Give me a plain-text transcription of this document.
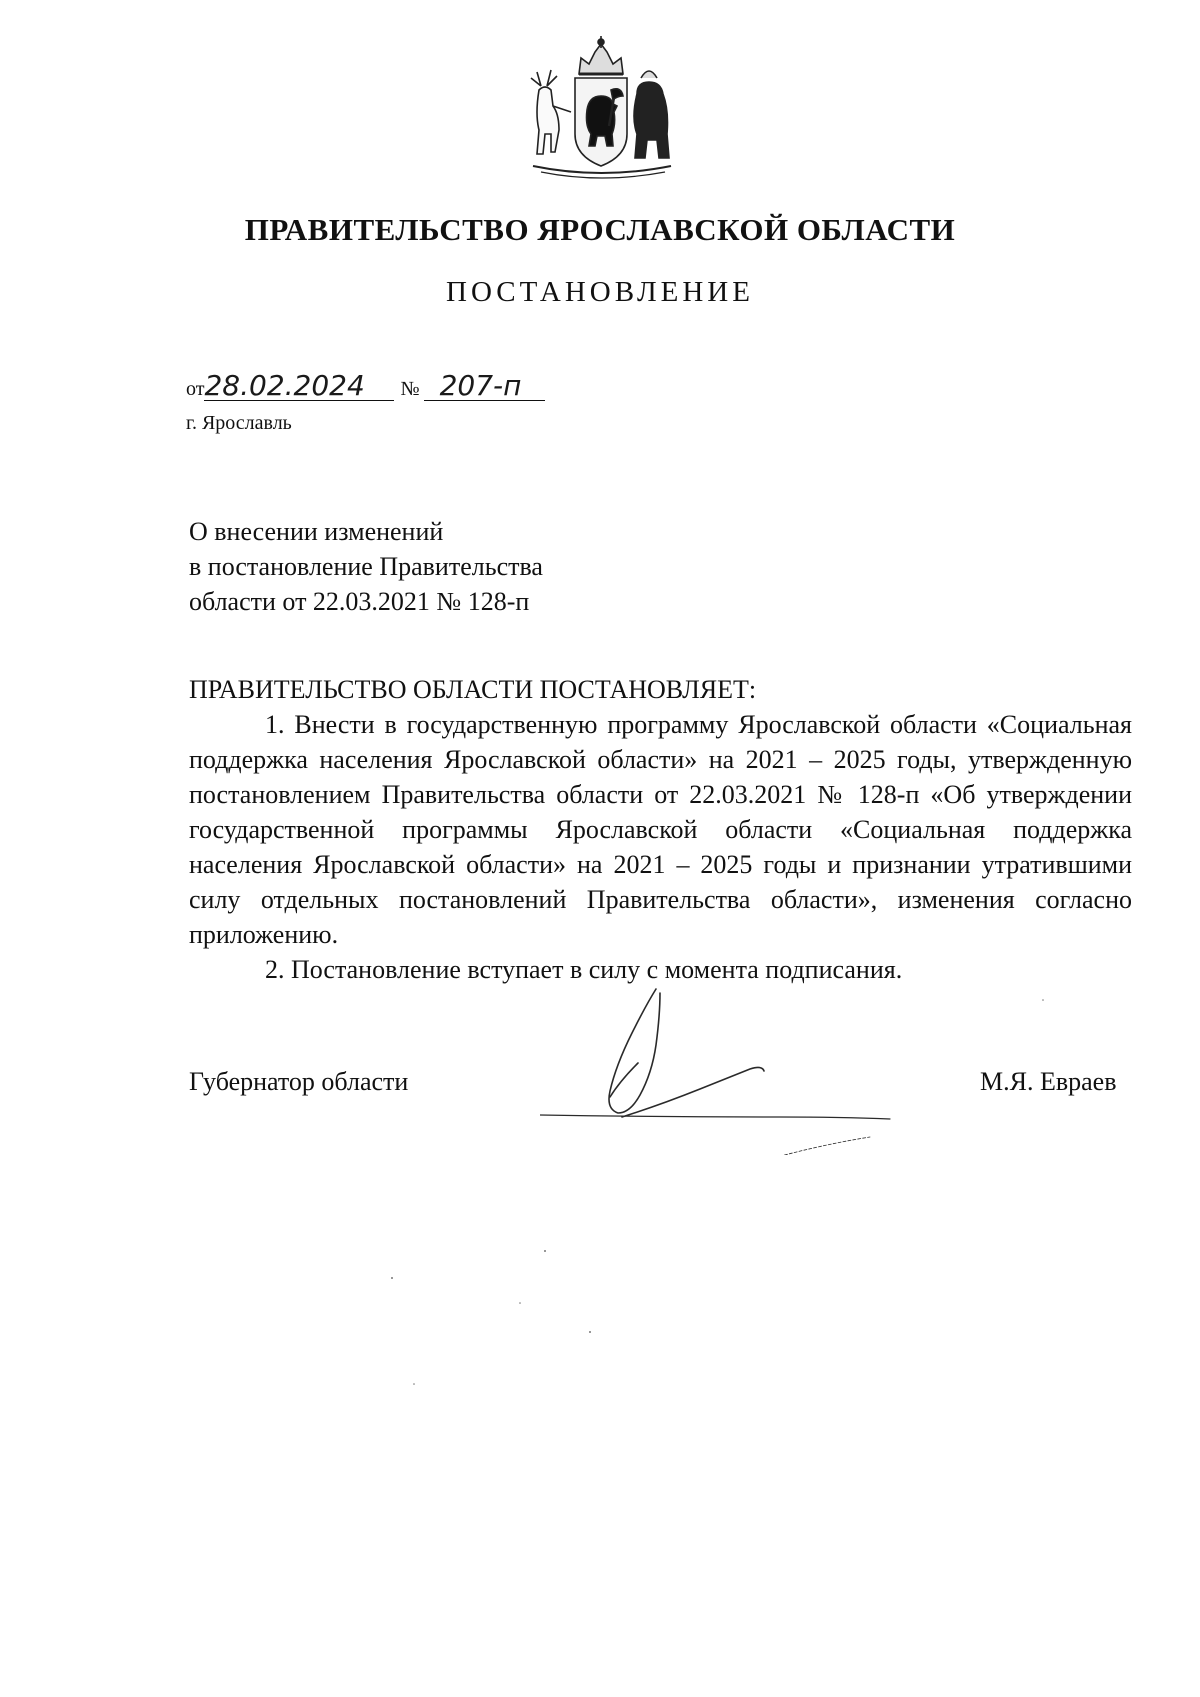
ПРАВИТЕЛЬСТВО ЯРОСЛАВСКОЙ ОБЛАСТИ
ПОСТАНОВЛЕНИЕ
от28.02.2024 № 207-п
г. Ярославль
О внесении изменений
в постановление Правительства
области от 22.03.2021 № 128-п

ПРАВИТЕЛЬСТВО ОБЛАСТИ ПОСТАНОВЛЯЕТ:

1. Внести в государственную программу Ярославской области «Социальная поддержка населения Ярославской области» на 2021 – 2025 годы, утвержденную постановлением Правительства области от 22.03.2021 № 128-п «Об утверждении государственной программы Ярославской области «Социальная поддержка населения Ярославской области» на 2021 – 2025 годы и признании утратившими силу отдельных постановлений Правительства области», изменения согласно приложению.

2. Постановление вступает в силу с момента подписания.

Губернатор области	М.Я. Евраев
